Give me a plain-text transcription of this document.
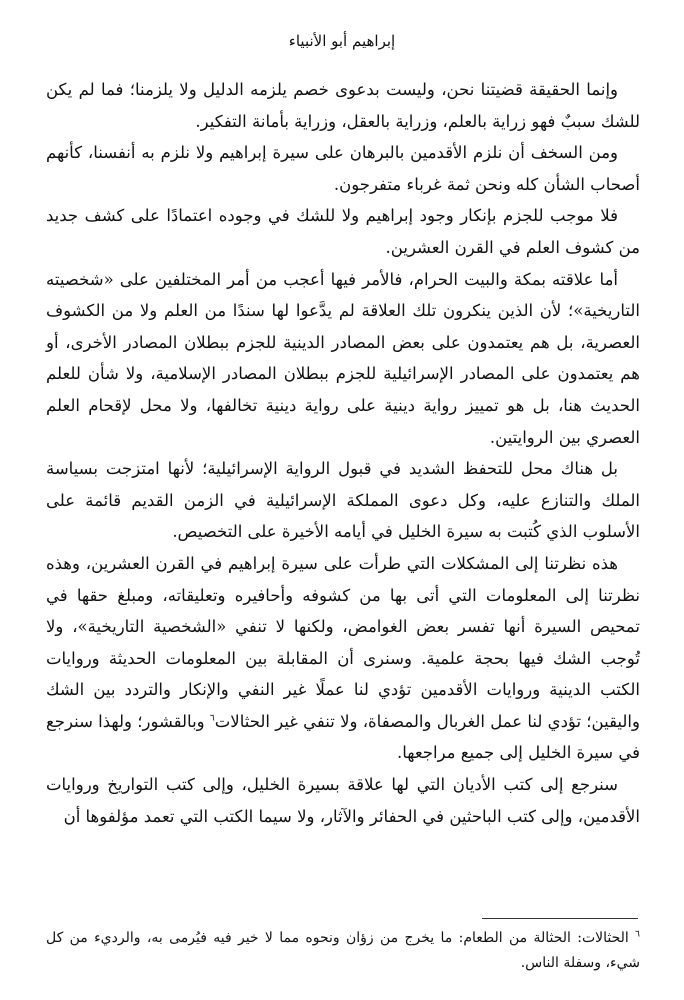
إبراهيم أبو الأنبياء

وإنما الحقيقة قضيتنا نحن، وليست بدعوى خصم يلزمه الدليل ولا يلزمنا؛ فما لم يكن للشك سببٌ فهو زراية بالعلم، وزراية بالعقل، وزراية بأمانة التفكير.

ومن السخف أن نلزم الأقدمين بالبرهان على سيرة إبراهيم ولا نلزم به أنفسنا، كأنهم أصحاب الشأن كله ونحن ثمة غرباء متفرجون.

فلا موجب للجزم بإنكار وجود إبراهيم ولا للشك في وجوده اعتمادًا على كشف جديد من كشوف العلم في القرن العشرين.

أما علاقته بمكة والبيت الحرام، فالأمر فيها أعجب من أمر المختلفين على «شخصيته التاريخية»؛ لأن الذين ينكرون تلك العلاقة لم يدَّعوا لها سندًا من العلم ولا من الكشوف العصرية، بل هم يعتمدون على بعض المصادر الدينية للجزم ببطلان المصادر الأخرى، أو هم يعتمدون على المصادر الإسرائيلية للجزم ببطلان المصادر الإسلامية، ولا شأن للعلم الحديث هنا، بل هو تمييز رواية دينية على رواية دينية تخالفها، ولا محل لإقحام العلم العصري بين الروايتين.

بل هناك محل للتحفظ الشديد في قبول الرواية الإسرائيلية؛ لأنها امتزجت بسياسة الملك والتنازع عليه، وكل دعوى المملكة الإسرائيلية في الزمن القديم قائمة على الأسلوب الذي كُتبت به سيرة الخليل في أيامه الأخيرة على التخصيص.

هذه نظرتنا إلى المشكلات التي طرأت على سيرة إبراهيم في القرن العشرين، وهذه نظرتنا إلى المعلومات التي أتى بها من كشوفه وأحافيره وتعليقاته، ومبلغ حقها في تمحيص السيرة أنها تفسر بعض الغوامض، ولكنها لا تنفي «الشخصية التاريخية»، ولا تُوجب الشك فيها بحجة علمية. وسنرى أن المقابلة بين المعلومات الحديثة وروايات الكتب الدينية وروايات الأقدمين تؤدي لنا عملًا غير النفي والإنكار والتردد بين الشك واليقين؛ تؤدي لنا عمل الغربال والمصفاة، ولا تنفي غير الحثالات$^٦$ وبالقشور؛ ولهذا سنرجع في سيرة الخليل إلى جميع مراجعها.

سنرجع إلى كتب الأديان التي لها علاقة بسيرة الخليل، وإلى كتب التواريخ وروايات الأقدمين، وإلى كتب الباحثين في الحفائر والآثار، ولا سيما الكتب التي تعمد مؤلفوها أن

$^٦$ الحثالات: الحثالة من الطعام: ما يخرج من زؤان ونحوه مما لا خير فيه فيُرمى به، والرديء من كل شيء، وسفلة الناس.
